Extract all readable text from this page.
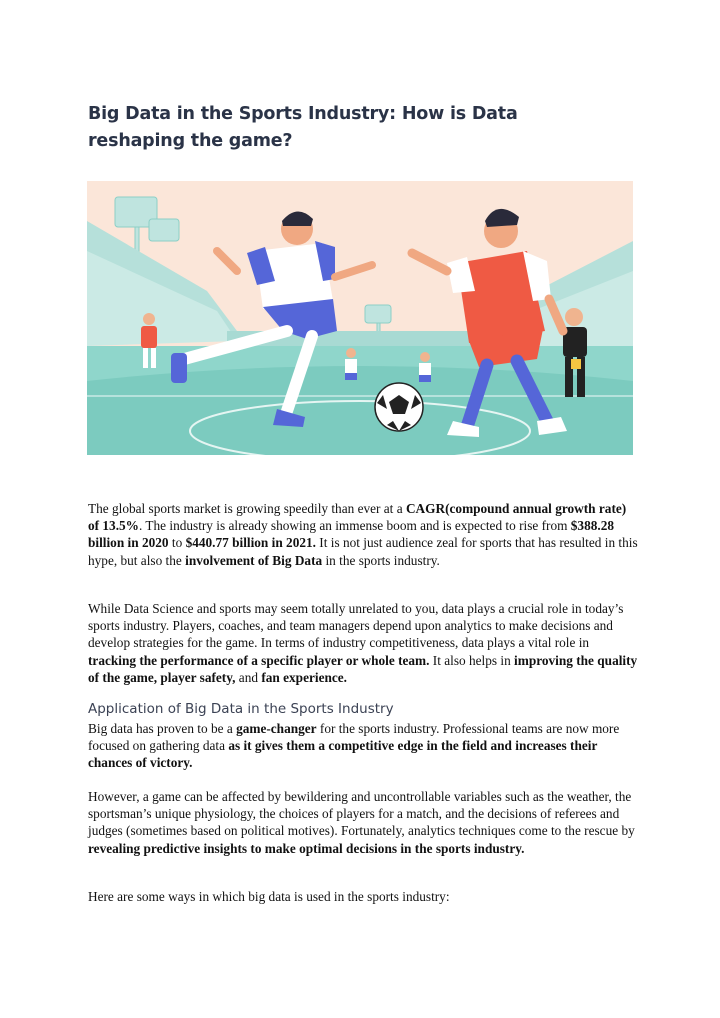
Big Data in the Sports Industry: How is Data reshaping the game?
The global sports market is growing speedily than ever at a CAGR(compound annual growth rate) of 13.5%. The industry is already showing an immense boom and is expected to rise from $388.28 billion in 2020 to $440.77 billion in 2021. It is not just audience zeal for sports that has resulted in this hype, but also the involvement of Big Data in the sports industry.
While Data Science and sports may seem totally unrelated to you, data plays a crucial role in today’s sports industry. Players, coaches, and team managers depend upon analytics to make decisions and develop strategies for the game. In terms of industry competitiveness, data plays a vital role in tracking the performance of a specific player or whole team. It also helps in improving the quality of the game, player safety, and fan experience.
Application of Big Data in the Sports Industry
Big data has proven to be a game-changer for the sports industry. Professional teams are now more focused on gathering data as it gives them a competitive edge in the field and increases their chances of victory.
However, a game can be affected by bewildering and uncontrollable variables such as the weather, the sportsman’s unique physiology, the choices of players for a match, and the decisions of referees and judges (sometimes based on political motives). Fortunately, analytics techniques come to the rescue by revealing predictive insights to make optimal decisions in the sports industry.
Here are some ways in which big data is used in the sports industry:
